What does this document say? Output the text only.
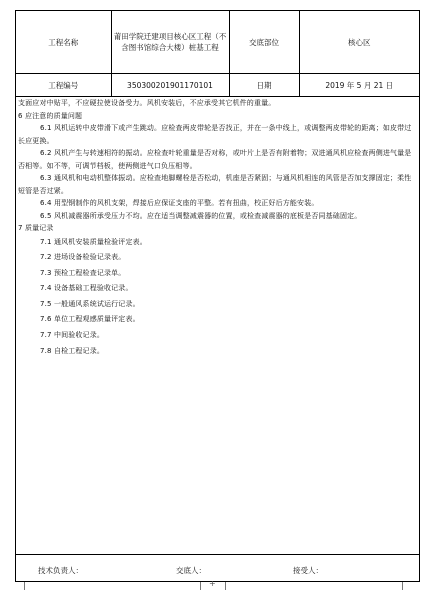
工程名称	莆田学院迁建项目核心区工程（不含图书馆综合大楼）桩基工程	交底部位	核心区
工程编号	350300201901170101	日期	2019 年 5 月 21 日

支面应对中贴平，不应硬拉使设备受力。风机安装后，不应承受其它机件的重量。

6 应注意的质量问题

6.1 风机运转中皮带滑下或产生跳动。应检查两皮带轮是否找正，并在一条中线上，或调整两皮带轮的距离；如皮带过长应更换。

6.2 风机产生与转速相符的振动。应检查叶轮重量是否对称，或叶片上是否有附着物；双进通风机应检查两侧进气量是否相等。如不等，可调节档板，使两侧进气口负压相等。

6.3 通风机和电动机整体振动。应检查地脚螺栓是否松动，机座是否紧固；与通风机相连的风管是否加支撑固定；柔性短管是否过紧。

6.4 用型钢制作的风机支架，焊接后应保证支座的平整。若有扭曲，校正好后方能安装。

6.5 风机减震器所承受压力不均。应在适当调整减震器的位置，或检查减震器的底板是否同基础固定。

7 质量记录

7.1 通风机安装质量检验评定表。

7.2 进场设备检验记录表。

7.3 预检工程检查记录单。

7.4 设备基础工程验收记录。

7.5 一般通风系统试运行记录。

7.6 单位工程观感质量评定表。

7.7 中间验收记录。

7.8 自检工程记录。

技术负责人：	交底人：	接受人：
+
